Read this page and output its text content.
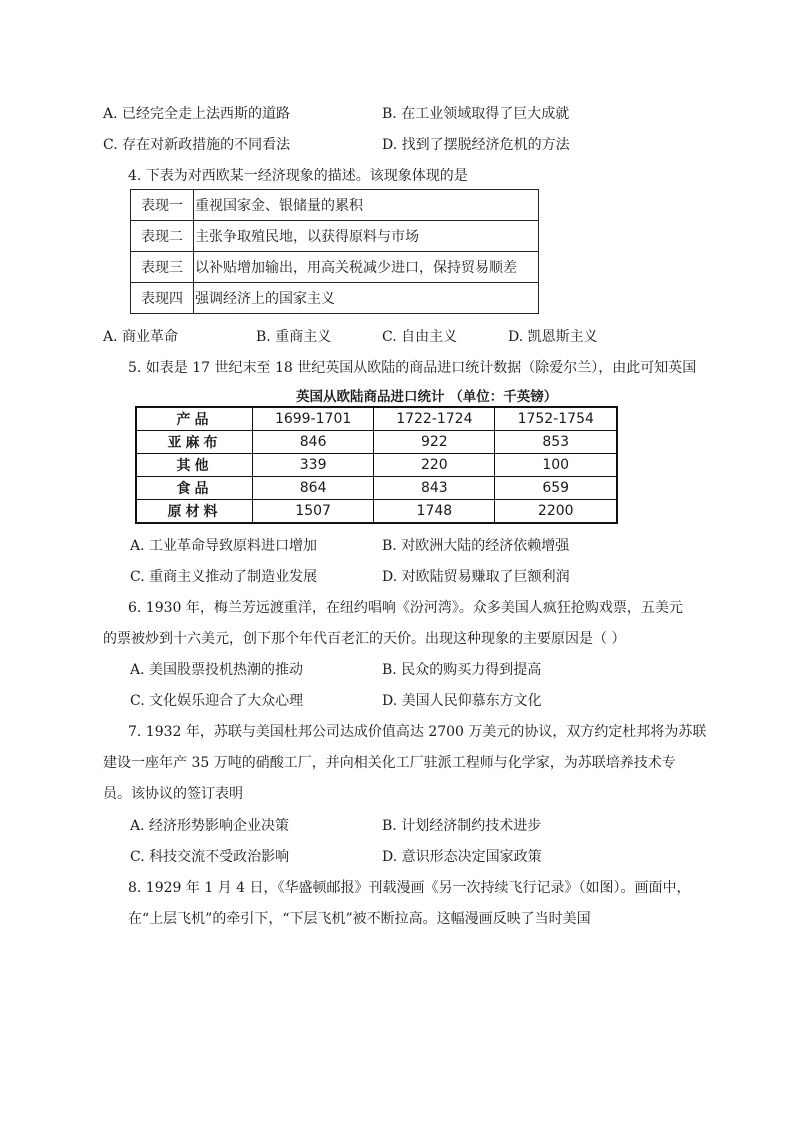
A. 已经完全走上法西斯的道路	B. 在工业领域取得了巨大成就
C. 存在对新政措施的不同看法	D. 找到了摆脱经济危机的方法
4. 下表为对西欧某一经济现象的描述。该现象体现的是
表现一	重视国家金、银储量的累积
表现二	主张争取殖民地，以获得原料与市场
表现三	以补贴增加输出，用高关税减少进口，保持贸易顺差
表现四	强调经济上的国家主义
A. 商业革命	B. 重商主义	C. 自由主义	D. 凯恩斯主义
5. 如表是 17 世纪末至 18 世纪英国从欧陆的商品进口统计数据（除爱尔兰），由此可知英国
英国从欧陆商品进口统计 （单位：千英镑）
产品	1699-1701	1722-1724	1752-1754
亚麻布	846	922	853
其他	339	220	100
食品	864	843	659
原材料	1507	1748	2200
A. 工业革命导致原料进口增加	B. 对欧洲大陆的经济依赖增强
C. 重商主义推动了制造业发展	D. 对欧陆贸易赚取了巨额利润
6. 1930 年，梅兰芳远渡重洋，在纽约唱响《汾河湾》。众多美国人疯狂抢购戏票，五美元
的票被炒到十六美元，创下那个年代百老汇的天价。出现这种现象的主要原因是（ ）
A. 美国股票投机热潮的推动	B. 民众的购买力得到提高
C. 文化娱乐迎合了大众心理	D. 美国人民仰慕东方文化
7. 1932 年，苏联与美国杜邦公司达成价值高达 2700 万美元的协议，双方约定杜邦将为苏联
建设一座年产 35 万吨的硝酸工厂，并向相关化工厂驻派工程师与化学家，为苏联培养技术专
员。该协议的签订表明
A. 经济形势影响企业决策	B. 计划经济制约技术进步
C. 科技交流不受政治影响	D. 意识形态决定国家政策
8. 1929 年 1 月 4 日，《华盛顿邮报》刊载漫画《另一次持续飞行记录》（如图）。画面中，
在“上层飞机”的牵引下，“下层飞机”被不断拉高。这幅漫画反映了当时美国
